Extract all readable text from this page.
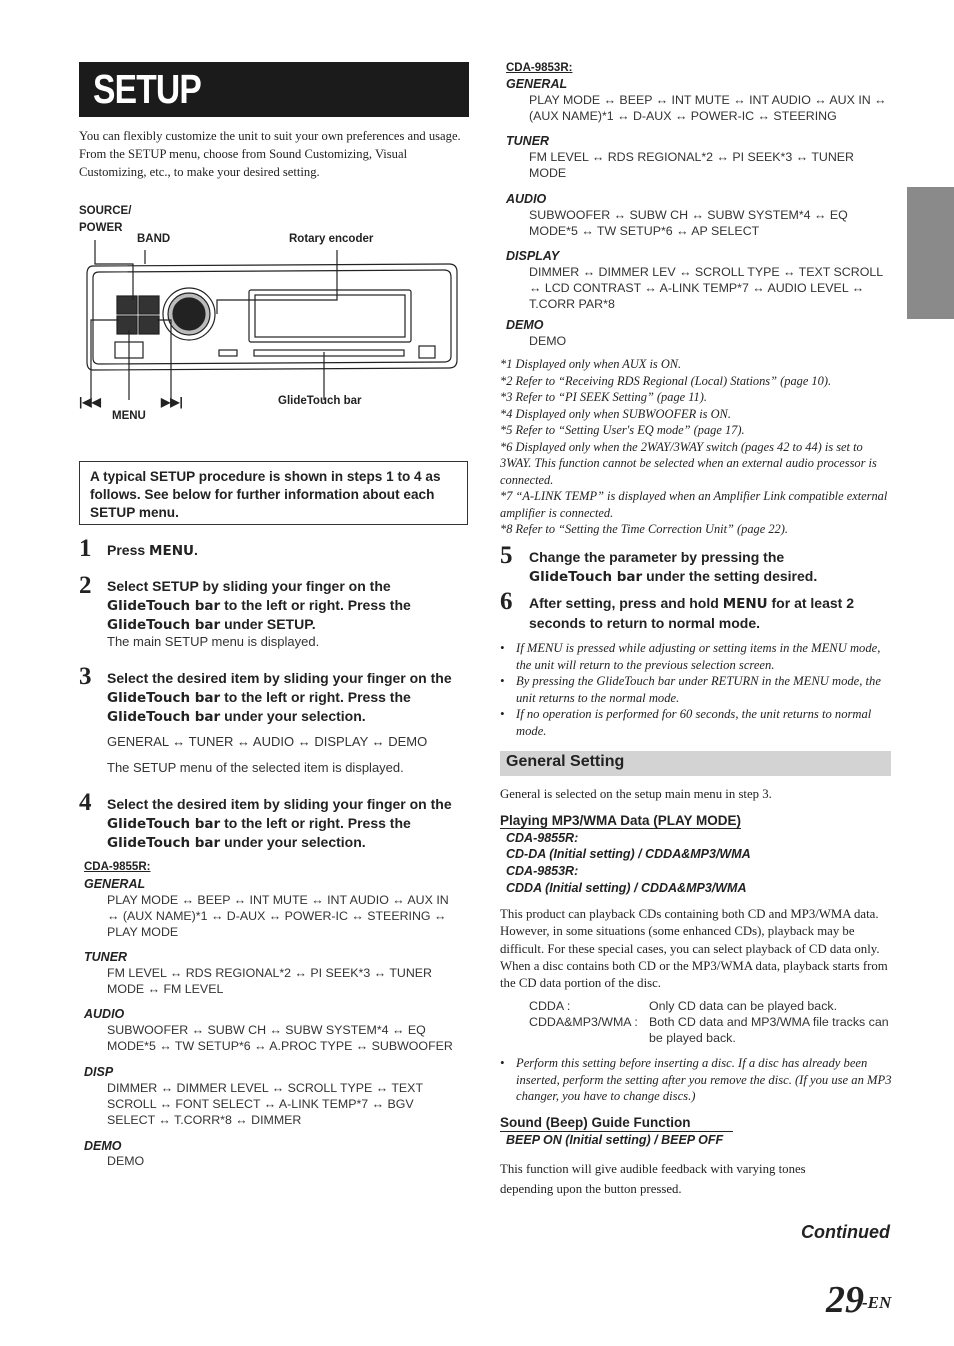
SETUP
You can flexibly customize the unit to suit your own preferences and usage. From the SETUP menu, choose from Sound Customizing, Visual Customizing, etc., to make your desired setting.
SOURCE/
POWER
BAND	Rotary encoder
|◀◀	▶▶|
MENU
GlideTouch bar
A typical SETUP procedure is shown in steps 1 to 4 as follows. See below for further information about each SETUP menu.
1 Press MENU.
2 Select SETUP by sliding your finger on the GlideTouch bar to the left or right. Press the GlideTouch bar under SETUP.
The main SETUP menu is displayed.
3 Select the desired item by sliding your finger on the GlideTouch bar to the left or right. Press the GlideTouch bar under your selection.
GENERAL ↔ TUNER ↔ AUDIO ↔ DISPLAY ↔ DEMO
The SETUP menu of the selected item is displayed.
4 Select the desired item by sliding your finger on the GlideTouch bar to the left or right. Press the GlideTouch bar under your selection.
CDA-9855R:
GENERAL
PLAY MODE ↔ BEEP ↔ INT MUTE ↔ INT AUDIO ↔ AUX IN ↔ (AUX NAME)*1 ↔ D-AUX ↔ POWER-IC ↔ STEERING ↔ PLAY MODE
TUNER
FM LEVEL ↔ RDS REGIONAL*2 ↔ PI SEEK*3 ↔ TUNER MODE ↔ FM LEVEL
AUDIO
SUBWOOFER ↔ SUBW CH ↔ SUBW SYSTEM*4 ↔ EQ MODE*5 ↔ TW SETUP*6 ↔ A.PROC TYPE ↔ SUBWOOFER
DISP
DIMMER ↔ DIMMER LEVEL ↔ SCROLL TYPE ↔ TEXT SCROLL ↔ FONT SELECT ↔ A-LINK TEMP*7 ↔ BGV SELECT ↔ T.CORR*8 ↔ DIMMER
DEMO
DEMO
CDA-9853R:
GENERAL
PLAY MODE ↔ BEEP ↔ INT MUTE ↔ INT AUDIO ↔ AUX IN ↔ (AUX NAME)*1 ↔ D-AUX ↔ POWER-IC ↔ STEERING
TUNER
FM LEVEL ↔ RDS REGIONAL*2 ↔ PI SEEK*3 ↔ TUNER MODE
AUDIO
SUBWOOFER ↔ SUBW CH ↔ SUBW SYSTEM*4 ↔ EQ MODE*5 ↔ TW SETUP*6 ↔ AP SELECT
DISPLAY
DIMMER ↔ DIMMER LEV ↔ SCROLL TYPE ↔ TEXT SCROLL ↔ LCD CONTRAST ↔ A-LINK TEMP*7 ↔ AUDIO LEVEL ↔ T.CORR PAR*8
DEMO
DEMO
*1 Displayed only when AUX is ON.
*2 Refer to “Receiving RDS Regional (Local) Stations” (page 10).
*3 Refer to “PI SEEK Setting” (page 11).
*4 Displayed only when SUBWOOFER is ON.
*5 Refer to “Setting User's EQ mode” (page 17).
*6 Displayed only when the 2WAY/3WAY switch (pages 42 to 44) is set to 3WAY. This function cannot be selected when an external audio processor is connected.
*7 “A-LINK TEMP” is displayed when an Amplifier Link compatible external amplifier is connected.
*8 Refer to “Setting the Time Correction Unit” (page 22).
5 Change the parameter by pressing the GlideTouch bar under the setting desired.
6 After setting, press and hold MENU for at least 2 seconds to return to normal mode.
• If MENU is pressed while adjusting or setting items in the MENU mode, the unit will return to the previous selection screen.
• By pressing the GlideTouch bar under RETURN in the MENU mode, the unit returns to the normal mode.
• If no operation is performed for 60 seconds, the unit returns to normal mode.
General Setting
General is selected on the setup main menu in step 3.
Playing MP3/WMA Data (PLAY MODE)
CDA-9855R:
CD-DA (Initial setting) / CDDA&MP3/WMA
CDA-9853R:
CDDA (Initial setting) / CDDA&MP3/WMA
This product can playback CDs containing both CD and MP3/WMA data. However, in some situations (some enhanced CDs), playback may be difficult. For these special cases, you can select playback of CD data only. When a disc contains both CD or the MP3/WMA data, playback starts from the CD data portion of the disc.
CDDA :	Only CD data can be played back.
CDDA&MP3/WMA : Both CD data and MP3/WMA file tracks can be played back.
• Perform this setting before inserting a disc. If a disc has already been inserted, perform the setting after you remove the disc. (If you use an MP3 changer, you have to change discs.)
Sound (Beep) Guide Function
BEEP ON (Initial setting) / BEEP OFF
This function will give audible feedback with varying tones depending upon the button pressed.
Continued
29
-EN
